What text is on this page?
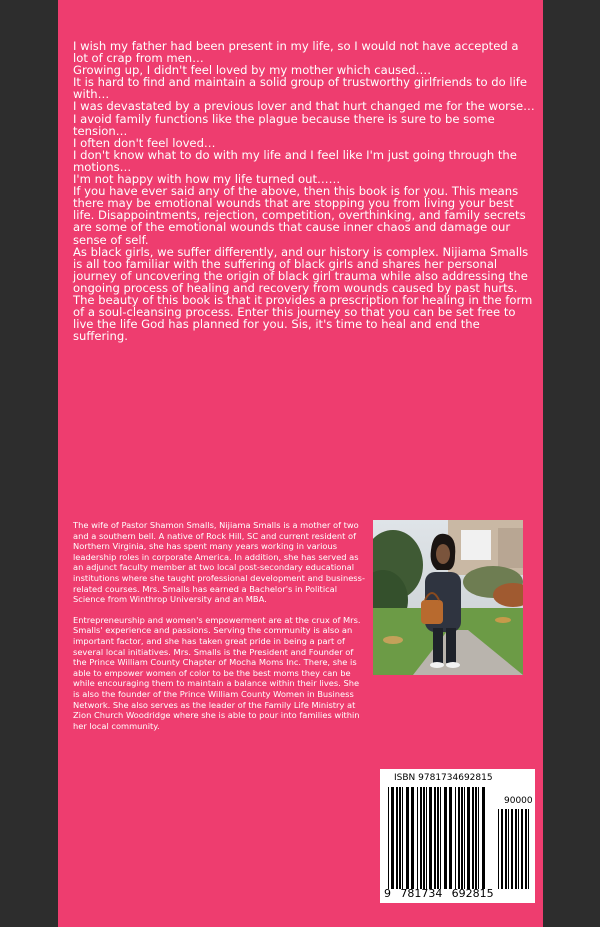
I wish my father had been present in my life, so I would not have accepted a lot of crap from men…

Growing up, I didn't feel loved by my mother which caused….

It is hard to find and maintain a solid group of trustworthy girlfriends to do life with…

I was devastated by a previous lover and that hurt changed me for the worse…

I avoid family functions like the plague because there is sure to be some tension…

I often don't feel loved…

I don't know what to do with my life and I feel like I'm just going through the motions…

I'm not happy with how my life turned out……

If you have ever said any of the above, then this book is for you. This means there may be emotional wounds that are stopping you from living your best life. Disappointments, rejection, competition, overthinking, and family secrets are some of the emotional wounds that cause inner chaos and damage our sense of self.

As black girls, we suffer differently, and our history is complex. Nijiama Smalls is all too familiar with the suffering of black girls and shares her personal journey of uncovering the origin of black girl trauma while also addressing the ongoing process of healing and recovery from wounds caused by past hurts.

The beauty of this book is that it provides a prescription for healing in the form of a soul-cleansing process. Enter this journey so that you can be set free to live the life God has planned for you. Sis, it's time to heal and end the suffering.

The wife of Pastor Shamon Smalls, Nijiama Smalls is a mother of two and a southern bell. A native of Rock Hill, SC and current resident of Northern Virginia, she has spent many years working in various leadership roles in corporate America. In addition, she has served as an adjunct faculty member at two local post-secondary educational institutions where she taught professional development and business-related courses. Mrs. Smalls has earned a Bachelor's in Political Science from Winthrop University and an MBA.

Entrepreneurship and women's empowerment are at the crux of Mrs. Smalls' experience and passions. Serving the community is also an important factor, and she has taken great pride in being a part of several local initiatives. Mrs. Smalls is the President and Founder of the Prince William County Chapter of Mocha Moms Inc. There, she is able to empower women of color to be the best moms they can be while encouraging them to maintain a balance within their lives. She is also the founder of the Prince William County Women in Business Network. She also serves as the leader of the Family Life Ministry at Zion Church Woodridge where she is able to pour into families within her local community.

ISBN 9781734692815
90000
9 781734 692815
